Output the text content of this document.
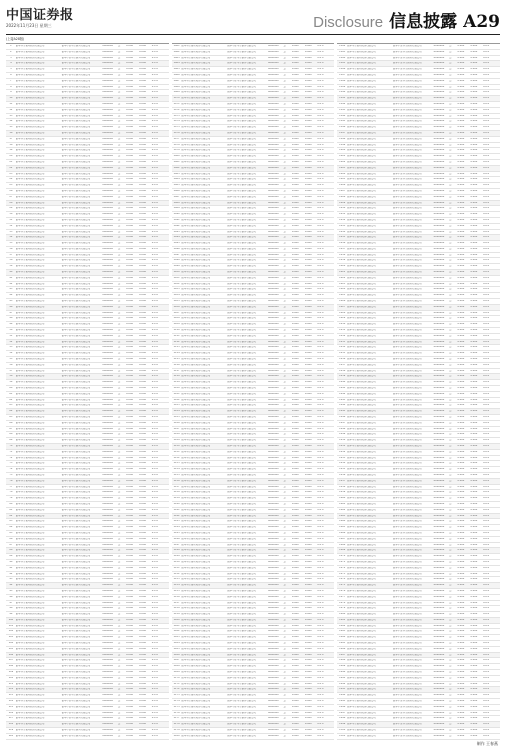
中国证券报
2022年11月23日 星期三	Disclosure 信息披露 A29
(上接A28版)
1	银华基金管理股份有限公司	银华中证基金销售有限公司	0000000	是	0.000	0.000	0.0%
2	银华基金管理股份有限公司	银华中证基金销售有限公司	0000000	是	0.000	0.000	0.0%
3	银华基金管理股份有限公司	银华中证基金销售有限公司	0000000	是	0.000	0.000	0.0%
4	银华基金管理股份有限公司	银华中证基金销售有限公司	0000000	是	0.000	0.000	0.0%
5	银华基金管理股份有限公司	银华中证基金销售有限公司	0000000	是	0.000	0.000	0.0%
6	银华基金管理股份有限公司	银华中证基金销售有限公司	0000000	是	0.000	0.000	0.0%
7	银华基金管理股份有限公司	银华中证基金销售有限公司	0000000	是	0.000	0.000	0.0%
8	银华基金管理股份有限公司	银华中证基金销售有限公司	0000000	是	0.000	0.000	0.0%
9	银华基金管理股份有限公司	银华中证基金销售有限公司	0000000	是	0.000	0.000	0.0%
10	银华基金管理股份有限公司	银华中证基金销售有限公司	0000000	是	0.000	0.000	0.0%
11	银华基金管理股份有限公司	银华中证基金销售有限公司	0000000	是	0.000	0.000	0.0%
12	银华基金管理股份有限公司	银华中证基金销售有限公司	0000000	是	0.000	0.000	0.0%
13	银华基金管理股份有限公司	银华中证基金销售有限公司	0000000	是	0.000	0.000	0.0%
14	银华基金管理股份有限公司	银华中证基金销售有限公司	0000000	是	0.000	0.000	0.0%
15	银华基金管理股份有限公司	银华中证基金销售有限公司	0000000	是	0.000	0.000	0.0%
16	银华基金管理股份有限公司	银华中证基金销售有限公司	0000000	是	0.000	0.000	0.0%
17	银华基金管理股份有限公司	银华中证基金销售有限公司	0000000	是	0.000	0.000	0.0%
18	银华基金管理股份有限公司	银华中证基金销售有限公司	0000000	是	0.000	0.000	0.0%
19	银华基金管理股份有限公司	银华中证基金销售有限公司	0000000	是	0.000	0.000	0.0%
20	银华基金管理股份有限公司	银华中证基金销售有限公司	0000000	是	0.000	0.000	0.0%
21	银华基金管理股份有限公司	银华中证基金销售有限公司	0000000	是	0.000	0.000	0.0%
22	银华基金管理股份有限公司	银华中证基金销售有限公司	0000000	是	0.000	0.000	0.0%
23	银华基金管理股份有限公司	银华中证基金销售有限公司	0000000	是	0.000	0.000	0.0%
24	银华基金管理股份有限公司	银华中证基金销售有限公司	0000000	是	0.000	0.000	0.0%
25	银华基金管理股份有限公司	银华中证基金销售有限公司	0000000	是	0.000	0.000	0.0%
26	银华基金管理股份有限公司	银华中证基金销售有限公司	0000000	是	0.000	0.000	0.0%
27	银华基金管理股份有限公司	银华中证基金销售有限公司	0000000	是	0.000	0.000	0.0%
28	银华基金管理股份有限公司	银华中证基金销售有限公司	0000000	是	0.000	0.000	0.0%
29	银华基金管理股份有限公司	银华中证基金销售有限公司	0000000	是	0.000	0.000	0.0%
30	银华基金管理股份有限公司	银华中证基金销售有限公司	0000000	是	0.000	0.000	0.0%
31	银华基金管理股份有限公司	银华中证基金销售有限公司	0000000	是	0.000	0.000	0.0%
32	银华基金管理股份有限公司	银华中证基金销售有限公司	0000000	是	0.000	0.000	0.0%
33	银华基金管理股份有限公司	银华中证基金销售有限公司	0000000	是	0.000	0.000	0.0%
34	银华基金管理股份有限公司	银华中证基金销售有限公司	0000000	是	0.000	0.000	0.0%
35	银华基金管理股份有限公司	银华中证基金销售有限公司	0000000	是	0.000	0.000	0.0%
36	银华基金管理股份有限公司	银华中证基金销售有限公司	0000000	是	0.000	0.000	0.0%
37	银华基金管理股份有限公司	银华中证基金销售有限公司	0000000	是	0.000	0.000	0.0%
38	银华基金管理股份有限公司	银华中证基金销售有限公司	0000000	是	0.000	0.000	0.0%
39	银华基金管理股份有限公司	银华中证基金销售有限公司	0000000	是	0.000	0.000	0.0%
40	银华基金管理股份有限公司	银华中证基金销售有限公司	0000000	是	0.000	0.000	0.0%
41	银华基金管理股份有限公司	银华中证基金销售有限公司	0000000	是	0.000	0.000	0.0%
42	银华基金管理股份有限公司	银华中证基金销售有限公司	0000000	是	0.000	0.000	0.0%
43	银华基金管理股份有限公司	银华中证基金销售有限公司	0000000	是	0.000	0.000	0.0%
44	银华基金管理股份有限公司	银华中证基金销售有限公司	0000000	是	0.000	0.000	0.0%
45	银华基金管理股份有限公司	银华中证基金销售有限公司	0000000	是	0.000	0.000	0.0%
46	银华基金管理股份有限公司	银华中证基金销售有限公司	0000000	是	0.000	0.000	0.0%
47	银华基金管理股份有限公司	银华中证基金销售有限公司	0000000	是	0.000	0.000	0.0%
48	银华基金管理股份有限公司	银华中证基金销售有限公司	0000000	是	0.000	0.000	0.0%
49	银华基金管理股份有限公司	银华中证基金销售有限公司	0000000	是	0.000	0.000	0.0%
50	银华基金管理股份有限公司	银华中证基金销售有限公司	0000000	是	0.000	0.000	0.0%
51	银华基金管理股份有限公司	银华中证基金销售有限公司	0000000	是	0.000	0.000	0.0%
52	银华基金管理股份有限公司	银华中证基金销售有限公司	0000000	是	0.000	0.000	0.0%
53	银华基金管理股份有限公司	银华中证基金销售有限公司	0000000	是	0.000	0.000	0.0%
54	银华基金管理股份有限公司	银华中证基金销售有限公司	0000000	是	0.000	0.000	0.0%
55	银华基金管理股份有限公司	银华中证基金销售有限公司	0000000	是	0.000	0.000	0.0%
56	银华基金管理股份有限公司	银华中证基金销售有限公司	0000000	是	0.000	0.000	0.0%
57	银华基金管理股份有限公司	银华中证基金销售有限公司	0000000	是	0.000	0.000	0.0%
58	银华基金管理股份有限公司	银华中证基金销售有限公司	0000000	是	0.000	0.000	0.0%
59	银华基金管理股份有限公司	银华中证基金销售有限公司	0000000	是	0.000	0.000	0.0%
60	银华基金管理股份有限公司	银华中证基金销售有限公司	0000000	是	0.000	0.000	0.0%
61	银华基金管理股份有限公司	银华中证基金销售有限公司	0000000	是	0.000	0.000	0.0%
62	银华基金管理股份有限公司	银华中证基金销售有限公司	0000000	是	0.000	0.000	0.0%
63	银华基金管理股份有限公司	银华中证基金销售有限公司	0000000	是	0.000	0.000	0.0%
64	银华基金管理股份有限公司	银华中证基金销售有限公司	0000000	是	0.000	0.000	0.0%
65	银华基金管理股份有限公司	银华中证基金销售有限公司	0000000	是	0.000	0.000	0.0%
66	银华基金管理股份有限公司	银华中证基金销售有限公司	0000000	是	0.000	0.000	0.0%
67	银华基金管理股份有限公司	银华中证基金销售有限公司	0000000	是	0.000	0.000	0.0%
68	银华基金管理股份有限公司	银华中证基金销售有限公司	0000000	是	0.000	0.000	0.0%
69	银华基金管理股份有限公司	银华中证基金销售有限公司	0000000	是	0.000	0.000	0.0%
70	银华基金管理股份有限公司	银华中证基金销售有限公司	0000000	是	0.000	0.000	0.0%
71	银华基金管理股份有限公司	银华中证基金销售有限公司	0000000	是	0.000	0.000	0.0%
72	银华基金管理股份有限公司	银华中证基金销售有限公司	0000000	是	0.000	0.000	0.0%
73	银华基金管理股份有限公司	银华中证基金销售有限公司	0000000	是	0.000	0.000	0.0%
74	银华基金管理股份有限公司	银华中证基金销售有限公司	0000000	是	0.000	0.000	0.0%
75	银华基金管理股份有限公司	银华中证基金销售有限公司	0000000	是	0.000	0.000	0.0%
76	银华基金管理股份有限公司	银华中证基金销售有限公司	0000000	是	0.000	0.000	0.0%
77	银华基金管理股份有限公司	银华中证基金销售有限公司	0000000	是	0.000	0.000	0.0%
78	银华基金管理股份有限公司	银华中证基金销售有限公司	0000000	是	0.000	0.000	0.0%
79	银华基金管理股份有限公司	银华中证基金销售有限公司	0000000	是	0.000	0.000	0.0%
80	银华基金管理股份有限公司	银华中证基金销售有限公司	0000000	是	0.000	0.000	0.0%
81	银华基金管理股份有限公司	银华中证基金销售有限公司	0000000	是	0.000	0.000	0.0%
82	银华基金管理股份有限公司	银华中证基金销售有限公司	0000000	是	0.000	0.000	0.0%
83	银华基金管理股份有限公司	银华中证基金销售有限公司	0000000	是	0.000	0.000	0.0%
84	银华基金管理股份有限公司	银华中证基金销售有限公司	0000000	是	0.000	0.000	0.0%
85	银华基金管理股份有限公司	银华中证基金销售有限公司	0000000	是	0.000	0.000	0.0%
86	银华基金管理股份有限公司	银华中证基金销售有限公司	0000000	是	0.000	0.000	0.0%
87	银华基金管理股份有限公司	银华中证基金销售有限公司	0000000	是	0.000	0.000	0.0%
88	银华基金管理股份有限公司	银华中证基金销售有限公司	0000000	是	0.000	0.000	0.0%
89	银华基金管理股份有限公司	银华中证基金销售有限公司	0000000	是	0.000	0.000	0.0%
90	银华基金管理股份有限公司	银华中证基金销售有限公司	0000000	是	0.000	0.000	0.0%
91	银华基金管理股份有限公司	银华中证基金销售有限公司	0000000	是	0.000	0.000	0.0%
92	银华基金管理股份有限公司	银华中证基金销售有限公司	0000000	是	0.000	0.000	0.0%
93	银华基金管理股份有限公司	银华中证基金销售有限公司	0000000	是	0.000	0.000	0.0%
94	银华基金管理股份有限公司	银华中证基金销售有限公司	0000000	是	0.000	0.000	0.0%
95	银华基金管理股份有限公司	银华中证基金销售有限公司	0000000	是	0.000	0.000	0.0%
96	银华基金管理股份有限公司	银华中证基金销售有限公司	0000000	是	0.000	0.000	0.0%
97	银华基金管理股份有限公司	银华中证基金销售有限公司	0000000	是	0.000	0.000	0.0%
98	银华基金管理股份有限公司	银华中证基金销售有限公司	0000000	是	0.000	0.000	0.0%
99	银华基金管理股份有限公司	银华中证基金销售有限公司	0000000	是	0.000	0.000	0.0%
100	银华基金管理股份有限公司	银华中证基金销售有限公司	0000000	是	0.000	0.000	0.0%
101	银华基金管理股份有限公司	银华中证基金销售有限公司	0000000	是	0.000	0.000	0.0%
102	银华基金管理股份有限公司	银华中证基金销售有限公司	0000000	是	0.000	0.000	0.0%
103	银华基金管理股份有限公司	银华中证基金销售有限公司	0000000	是	0.000	0.000	0.0%
104	银华基金管理股份有限公司	银华中证基金销售有限公司	0000000	是	0.000	0.000	0.0%
105	银华基金管理股份有限公司	银华中证基金销售有限公司	0000000	是	0.000	0.000	0.0%
106	银华基金管理股份有限公司	银华中证基金销售有限公司	0000000	是	0.000	0.000	0.0%
107	银华基金管理股份有限公司	银华中证基金销售有限公司	0000000	是	0.000	0.000	0.0%
108	银华基金管理股份有限公司	银华中证基金销售有限公司	0000000	是	0.000	0.000	0.0%
109	银华基金管理股份有限公司	银华中证基金销售有限公司	0000000	是	0.000	0.000	0.0%
110	银华基金管理股份有限公司	银华中证基金销售有限公司	0000000	是	0.000	0.000	0.0%
111	银华基金管理股份有限公司	银华中证基金销售有限公司	0000000	是	0.000	0.000	0.0%
112	银华基金管理股份有限公司	银华中证基金销售有限公司	0000000	是	0.000	0.000	0.0%
113	银华基金管理股份有限公司	银华中证基金销售有限公司	0000000	是	0.000	0.000	0.0%
114	银华基金管理股份有限公司	银华中证基金销售有限公司	0000000	是	0.000	0.000	0.0%
115	银华基金管理股份有限公司	银华中证基金销售有限公司	0000000	是	0.000	0.000	0.0%
116	银华基金管理股份有限公司	银华中证基金销售有限公司	0000000	是	0.000	0.000	0.0%
117	银华基金管理股份有限公司	银华中证基金销售有限公司	0000000	是	0.000	0.000	0.0%
118	银华基金管理股份有限公司	银华中证基金销售有限公司	0000000	是	0.000	0.000	0.0%
119	银华基金管理股份有限公司	银华中证基金销售有限公司	0000000	是	0.000	0.000	0.0%
120	银华基金管理股份有限公司	银华中证基金销售有限公司	0000000	是	0.000	0.000	0.0%
1061 银华基金管理股份有限公司	银华中证基金销售有限公司	0000000	是	0.000	0.000	0.0%
1062 银华基金管理股份有限公司	银华中证基金销售有限公司	0000000	是	0.000	0.000	0.0%
1063 银华基金管理股份有限公司	银华中证基金销售有限公司	0000000	是	0.000	0.000	0.0%
1064 银华基金管理股份有限公司	银华中证基金销售有限公司	0000000	是	0.000	0.000	0.0%
1065 银华基金管理股份有限公司	银华中证基金销售有限公司	0000000	是	0.000	0.000	0.0%
1066 银华基金管理股份有限公司	银华中证基金销售有限公司	0000000	是	0.000	0.000	0.0%
1067 银华基金管理股份有限公司	银华中证基金销售有限公司	0000000	是	0.000	0.000	0.0%
1068 银华基金管理股份有限公司	银华中证基金销售有限公司	0000000	是	0.000	0.000	0.0%
1069 银华基金管理股份有限公司	银华中证基金销售有限公司	0000000	是	0.000	0.000	0.0%
1070 银华基金管理股份有限公司	银华中证基金销售有限公司	0000000	是	0.000	0.000	0.0%
1071 银华基金管理股份有限公司	银华中证基金销售有限公司	0000000	是	0.000	0.000	0.0%
1072 银华基金管理股份有限公司	银华中证基金销售有限公司	0000000	是	0.000	0.000	0.0%
1073 银华基金管理股份有限公司	银华中证基金销售有限公司	0000000	是	0.000	0.000	0.0%
1074 银华基金管理股份有限公司	银华中证基金销售有限公司	0000000	是	0.000	0.000	0.0%
1075 银华基金管理股份有限公司	银华中证基金销售有限公司	0000000	是	0.000	0.000	0.0%
1076 银华基金管理股份有限公司	银华中证基金销售有限公司	0000000	是	0.000	0.000	0.0%
1077 银华基金管理股份有限公司	银华中证基金销售有限公司	0000000	是	0.000	0.000	0.0%
1078 银华基金管理股份有限公司	银华中证基金销售有限公司	0000000	是	0.000	0.000	0.0%
1079 银华基金管理股份有限公司	银华中证基金销售有限公司	0000000	是	0.000	0.000	0.0%
1080 银华基金管理股份有限公司	银华中证基金销售有限公司	0000000	是	0.000	0.000	0.0%
1081 银华基金管理股份有限公司	银华中证基金销售有限公司	0000000	是	0.000	0.000	0.0%
1082 银华基金管理股份有限公司	银华中证基金销售有限公司	0000000	是	0.000	0.000	0.0%
1083 银华基金管理股份有限公司	银华中证基金销售有限公司	0000000	是	0.000	0.000	0.0%
1084 银华基金管理股份有限公司	银华中证基金销售有限公司	0000000	是	0.000	0.000	0.0%
1085 银华基金管理股份有限公司	银华中证基金销售有限公司	0000000	是	0.000	0.000	0.0%
1086 银华基金管理股份有限公司	银华中证基金销售有限公司	0000000	是	0.000	0.000	0.0%
1087 银华基金管理股份有限公司	银华中证基金销售有限公司	0000000	是	0.000	0.000	0.0%
1088 银华基金管理股份有限公司	银华中证基金销售有限公司	0000000	是	0.000	0.000	0.0%
1089 银华基金管理股份有限公司	银华中证基金销售有限公司	0000000	是	0.000	0.000	0.0%
1090 银华基金管理股份有限公司	银华中证基金销售有限公司	0000000	是	0.000	0.000	0.0%
1091 银华基金管理股份有限公司	银华中证基金销售有限公司	0000000	是	0.000	0.000	0.0%
1092 银华基金管理股份有限公司	银华中证基金销售有限公司	0000000	是	0.000	0.000	0.0%
1093 银华基金管理股份有限公司	银华中证基金销售有限公司	0000000	是	0.000	0.000	0.0%
1094 银华基金管理股份有限公司	银华中证基金销售有限公司	0000000	是	0.000	0.000	0.0%
1095 银华基金管理股份有限公司	银华中证基金销售有限公司	0000000	是	0.000	0.000	0.0%
1096 银华基金管理股份有限公司	银华中证基金销售有限公司	0000000	是	0.000	0.000	0.0%
1097 银华基金管理股份有限公司	银华中证基金销售有限公司	0000000	是	0.000	0.000	0.0%
1098 银华基金管理股份有限公司	银华中证基金销售有限公司	0000000	是	0.000	0.000	0.0%
1099 银华基金管理股份有限公司	银华中证基金销售有限公司	0000000	是	0.000	0.000	0.0%
1100 银华基金管理股份有限公司	银华中证基金销售有限公司	0000000	是	0.000	0.000	0.0%
1101 银华基金管理股份有限公司	银华中证基金销售有限公司	0000000	是	0.000	0.000	0.0%
1102 银华基金管理股份有限公司	银华中证基金销售有限公司	0000000	是	0.000	0.000	0.0%
1103 银华基金管理股份有限公司	银华中证基金销售有限公司	0000000	是	0.000	0.000	0.0%
1104 银华基金管理股份有限公司	银华中证基金销售有限公司	0000000	是	0.000	0.000	0.0%
1105 银华基金管理股份有限公司	银华中证基金销售有限公司	0000000	是	0.000	0.000	0.0%
1106 银华基金管理股份有限公司	银华中证基金销售有限公司	0000000	是	0.000	0.000	0.0%
1107 银华基金管理股份有限公司	银华中证基金销售有限公司	0000000	是	0.000	0.000	0.0%
1108 银华基金管理股份有限公司	银华中证基金销售有限公司	0000000	是	0.000	0.000	0.0%
1109 银华基金管理股份有限公司	银华中证基金销售有限公司	0000000	是	0.000	0.000	0.0%
1110 银华基金管理股份有限公司	银华中证基金销售有限公司	0000000	是	0.000	0.000	0.0%
1111 银华基金管理股份有限公司	银华中证基金销售有限公司	0000000	是	0.000	0.000	0.0%
1112 银华基金管理股份有限公司	银华中证基金销售有限公司	0000000	是	0.000	0.000	0.0%
1113 银华基金管理股份有限公司	银华中证基金销售有限公司	0000000	是	0.000	0.000	0.0%
1114 银华基金管理股份有限公司	银华中证基金销售有限公司	0000000	是	0.000	0.000	0.0%
1115 银华基金管理股份有限公司	银华中证基金销售有限公司	0000000	是	0.000	0.000	0.0%
1116 银华基金管理股份有限公司	银华中证基金销售有限公司	0000000	是	0.000	0.000	0.0%
1117 银华基金管理股份有限公司	银华中证基金销售有限公司	0000000	是	0.000	0.000	0.0%
1118 银华基金管理股份有限公司	银华中证基金销售有限公司	0000000	是	0.000	0.000	0.0%
1119 银华基金管理股份有限公司	银华中证基金销售有限公司	0000000	是	0.000	0.000	0.0%
1120 银华基金管理股份有限公司	银华中证基金销售有限公司	0000000	是	0.000	0.000	0.0%
1121 银华基金管理股份有限公司	银华中证基金销售有限公司	0000000	是	0.000	0.000	0.0%
1122 银华基金管理股份有限公司	银华中证基金销售有限公司	0000000	是	0.000	0.000	0.0%
1123 银华基金管理股份有限公司	银华中证基金销售有限公司	0000000	是	0.000	0.000	0.0%
1124 银华基金管理股份有限公司	银华中证基金销售有限公司	0000000	是	0.000	0.000	0.0%
1125 银华基金管理股份有限公司	银华中证基金销售有限公司	0000000	是	0.000	0.000	0.0%
1126 银华基金管理股份有限公司	银华中证基金销售有限公司	0000000	是	0.000	0.000	0.0%
1127 银华基金管理股份有限公司	银华中证基金销售有限公司	0000000	是	0.000	0.000	0.0%
1128 银华基金管理股份有限公司	银华中证基金销售有限公司	0000000	是	0.000	0.000	0.0%
1129 银华基金管理股份有限公司	银华中证基金销售有限公司	0000000	是	0.000	0.000	0.0%
1130 银华基金管理股份有限公司	银华中证基金销售有限公司	0000000	是	0.000	0.000	0.0%
1131 银华基金管理股份有限公司	银华中证基金销售有限公司	0000000	是	0.000	0.000	0.0%
1132 银华基金管理股份有限公司	银华中证基金销售有限公司	0000000	是	0.000	0.000	0.0%
1133 银华基金管理股份有限公司	银华中证基金销售有限公司	0000000	是	0.000	0.000	0.0%
1134 银华基金管理股份有限公司	银华中证基金销售有限公司	0000000	是	0.000	0.000	0.0%
1135 银华基金管理股份有限公司	银华中证基金销售有限公司	0000000	是	0.000	0.000	0.0%
1136 银华基金管理股份有限公司	银华中证基金销售有限公司	0000000	是	0.000	0.000	0.0%
1137 银华基金管理股份有限公司	银华中证基金销售有限公司	0000000	是	0.000	0.000	0.0%
1138 银华基金管理股份有限公司	银华中证基金销售有限公司	0000000	是	0.000	0.000	0.0%
1139 银华基金管理股份有限公司	银华中证基金销售有限公司	0000000	是	0.000	0.000	0.0%
1140 银华基金管理股份有限公司	银华中证基金销售有限公司	0000000	是	0.000	0.000	0.0%
1141 银华基金管理股份有限公司	银华中证基金销售有限公司	0000000	是	0.000	0.000	0.0%
1142 银华基金管理股份有限公司	银华中证基金销售有限公司	0000000	是	0.000	0.000	0.0%
1143 银华基金管理股份有限公司	银华中证基金销售有限公司	0000000	是	0.000	0.000	0.0%
1144 银华基金管理股份有限公司	银华中证基金销售有限公司	0000000	是	0.000	0.000	0.0%
1145 银华基金管理股份有限公司	银华中证基金销售有限公司	0000000	是	0.000	0.000	0.0%
1146 银华基金管理股份有限公司	银华中证基金销售有限公司	0000000	是	0.000	0.000	0.0%
1147 银华基金管理股份有限公司	银华中证基金销售有限公司	0000000	是	0.000	0.000	0.0%
1148 银华基金管理股份有限公司	银华中证基金销售有限公司	0000000	是	0.000	0.000	0.0%
1149 银华基金管理股份有限公司	银华中证基金销售有限公司	0000000	是	0.000	0.000	0.0%
1150 银华基金管理股份有限公司	银华中证基金销售有限公司	0000000	是	0.000	0.000	0.0%
1151 银华基金管理股份有限公司	银华中证基金销售有限公司	0000000	是	0.000	0.000	0.0%
1152 银华基金管理股份有限公司	银华中证基金销售有限公司	0000000	是	0.000	0.000	0.0%
1153 银华基金管理股份有限公司	银华中证基金销售有限公司	0000000	是	0.000	0.000	0.0%
1154 银华基金管理股份有限公司	银华中证基金销售有限公司	0000000	是	0.000	0.000	0.0%
1155 银华基金管理股份有限公司	银华中证基金销售有限公司	0000000	是	0.000	0.000	0.0%
1156 银华基金管理股份有限公司	银华中证基金销售有限公司	0000000	是	0.000	0.000	0.0%
1157 银华基金管理股份有限公司	银华中证基金销售有限公司	0000000	是	0.000	0.000	0.0%
1158 银华基金管理股份有限公司	银华中证基金销售有限公司	0000000	是	0.000	0.000	0.0%
1159 银华基金管理股份有限公司	银华中证基金销售有限公司	0000000	是	0.000	0.000	0.0%
1160 银华基金管理股份有限公司	银华中证基金销售有限公司	0000000	是	0.000	0.000	0.0%
1161 银华基金管理股份有限公司	银华中证基金销售有限公司	0000000	是	0.000	0.000	0.0%
1162 银华基金管理股份有限公司	银华中证基金销售有限公司	0000000	是	0.000	0.000	0.0%
1163 银华基金管理股份有限公司	银华中证基金销售有限公司	0000000	是	0.000	0.000	0.0%
1164 银华基金管理股份有限公司	银华中证基金销售有限公司	0000000	是	0.000	0.000	0.0%
1165 银华基金管理股份有限公司	银华中证基金销售有限公司	0000000	是	0.000	0.000	0.0%
1166 银华基金管理股份有限公司	银华中证基金销售有限公司	0000000	是	0.000	0.000	0.0%
1167 银华基金管理股份有限公司	银华中证基金销售有限公司	0000000	是	0.000	0.000	0.0%
1168 银华基金管理股份有限公司	银华中证基金销售有限公司	0000000	是	0.000	0.000	0.0%
1169 银华基金管理股份有限公司	银华中证基金销售有限公司	0000000	是	0.000	0.000	0.0%
1170 银华基金管理股份有限公司	银华中证基金销售有限公司	0000000	是	0.000	0.000	0.0%
1171 银华基金管理股份有限公司	银华中证基金销售有限公司	0000000	是	0.000	0.000	0.0%
1172 银华基金管理股份有限公司	银华中证基金销售有限公司	0000000	是	0.000	0.000	0.0%
1173 银华基金管理股份有限公司	银华中证基金销售有限公司	0000000	是	0.000	0.000	0.0%
1174 银华基金管理股份有限公司	银华中证基金销售有限公司	0000000	是	0.000	0.000	0.0%
1175 银华基金管理股份有限公司	银华中证基金销售有限公司	0000000	是	0.000	0.000	0.0%
1176 银华基金管理股份有限公司	银华中证基金销售有限公司	0000000	是	0.000	0.000	0.0%
1177 银华基金管理股份有限公司	银华中证基金销售有限公司	0000000	是	0.000	0.000	0.0%
1178 银华基金管理股份有限公司	银华中证基金销售有限公司	0000000	是	0.000	0.000	0.0%
1179 银华基金管理股份有限公司	银华中证基金销售有限公司	0000000	是	0.000	0.000	0.0%
1180 银华基金管理股份有限公司	银华中证基金销售有限公司	0000000	是	0.000	0.000	0.0%
1182 银华基金管理股份有限公司	银华中证基金销售有限公司	0000000	是	0.000	0.000	0.0%
1183 银华基金管理股份有限公司	银华中证基金销售有限公司	0000000	是	0.000	0.000	0.0%
1184 银华基金管理股份有限公司	银华中证基金销售有限公司	0000000	是	0.000	0.000	0.0%
1185 银华基金管理股份有限公司	银华中证基金销售有限公司	0000000	是	0.000	0.000	0.0%
1186 银华基金管理股份有限公司	银华中证基金销售有限公司	0000000	是	0.000	0.000	0.0%
1187 银华基金管理股份有限公司	银华中证基金销售有限公司	0000000	是	0.000	0.000	0.0%
1188 银华基金管理股份有限公司	银华中证基金销售有限公司	0000000	是	0.000	0.000	0.0%
1189 银华基金管理股份有限公司	银华中证基金销售有限公司	0000000	是	0.000	0.000	0.0%
1190 银华基金管理股份有限公司	银华中证基金销售有限公司	0000000	是	0.000	0.000	0.0%
1191 银华基金管理股份有限公司	银华中证基金销售有限公司	0000000	是	0.000	0.000	0.0%
1192 银华基金管理股份有限公司	银华中证基金销售有限公司	0000000	是	0.000	0.000	0.0%
1193 银华基金管理股份有限公司	银华中证基金销售有限公司	0000000	是	0.000	0.000	0.0%
1194 银华基金管理股份有限公司	银华中证基金销售有限公司	0000000	是	0.000	0.000	0.0%
1195 银华基金管理股份有限公司	银华中证基金销售有限公司	0000000	是	0.000	0.000	0.0%
1196 银华基金管理股份有限公司	银华中证基金销售有限公司	0000000	是	0.000	0.000	0.0%
1197 银华基金管理股份有限公司	银华中证基金销售有限公司	0000000	是	0.000	0.000	0.0%
1198 银华基金管理股份有限公司	银华中证基金销售有限公司	0000000	是	0.000	0.000	0.0%
1199 银华基金管理股份有限公司	银华中证基金销售有限公司	0000000	是	0.000	0.000	0.0%
1200 银华基金管理股份有限公司	银华中证基金销售有限公司	0000000	是	0.000	0.000	0.0%
1201 银华基金管理股份有限公司	银华中证基金销售有限公司	0000000	是	0.000	0.000	0.0%
1202 银华基金管理股份有限公司	银华中证基金销售有限公司	0000000	是	0.000	0.000	0.0%
1203 银华基金管理股份有限公司	银华中证基金销售有限公司	0000000	是	0.000	0.000	0.0%
1204 银华基金管理股份有限公司	银华中证基金销售有限公司	0000000	是	0.000	0.000	0.0%
1205 银华基金管理股份有限公司	银华中证基金销售有限公司	0000000	是	0.000	0.000	0.0%
1206 银华基金管理股份有限公司	银华中证基金销售有限公司	0000000	是	0.000	0.000	0.0%
1207 银华基金管理股份有限公司	银华中证基金销售有限公司	0000000	是	0.000	0.000	0.0%
1208 银华基金管理股份有限公司	银华中证基金销售有限公司	0000000	是	0.000	0.000	0.0%
1209 银华基金管理股份有限公司	银华中证基金销售有限公司	0000000	是	0.000	0.000	0.0%
1210 银华基金管理股份有限公司	银华中证基金销售有限公司	0000000	是	0.000	0.000	0.0%
1211 银华基金管理股份有限公司	银华中证基金销售有限公司	0000000	是	0.000	0.000	0.0%
1212 银华基金管理股份有限公司	银华中证基金销售有限公司	0000000	是	0.000	0.000	0.0%
1213 银华基金管理股份有限公司	银华中证基金销售有限公司	0000000	是	0.000	0.000	0.0%
1214 银华基金管理股份有限公司	银华中证基金销售有限公司	0000000	是	0.000	0.000	0.0%
1215 银华基金管理股份有限公司	银华中证基金销售有限公司	0000000	是	0.000	0.000	0.0%
1216 银华基金管理股份有限公司	银华中证基金销售有限公司	0000000	是	0.000	0.000	0.0%
1217 银华基金管理股份有限公司	银华中证基金销售有限公司	0000000	是	0.000	0.000	0.0%
1218 银华基金管理股份有限公司	银华中证基金销售有限公司	0000000	是	0.000	0.000	0.0%
1219 银华基金管理股份有限公司	银华中证基金销售有限公司	0000000	是	0.000	0.000	0.0%
1220 银华基金管理股份有限公司	银华中证基金销售有限公司	0000000	是	0.000	0.000	0.0%
1221 银华基金管理股份有限公司	银华中证基金销售有限公司	0000000	是	0.000	0.000	0.0%
1222 银华基金管理股份有限公司	银华中证基金销售有限公司	0000000	是	0.000	0.000	0.0%
1223 银华基金管理股份有限公司	银华中证基金销售有限公司	0000000	是	0.000	0.000	0.0%
1224 银华基金管理股份有限公司	银华中证基金销售有限公司	0000000	是	0.000	0.000	0.0%
1225 银华基金管理股份有限公司	银华中证基金销售有限公司	0000000	是	0.000	0.000	0.0%
1226 银华基金管理股份有限公司	银华中证基金销售有限公司	0000000	是	0.000	0.000	0.0%
1227 银华基金管理股份有限公司	银华中证基金销售有限公司	0000000	是	0.000	0.000	0.0%
1228 银华基金管理股份有限公司	银华中证基金销售有限公司	0000000	是	0.000	0.000	0.0%
1229 银华基金管理股份有限公司	银华中证基金销售有限公司	0000000	是	0.000	0.000	0.0%
1230 银华基金管理股份有限公司	银华中证基金销售有限公司	0000000	是	0.000	0.000	0.0%
1231 银华基金管理股份有限公司	银华中证基金销售有限公司	0000000	是	0.000	0.000	0.0%
1232 银华基金管理股份有限公司	银华中证基金销售有限公司	0000000	是	0.000	0.000	0.0%
1233 银华基金管理股份有限公司	银华中证基金销售有限公司	0000000	是	0.000	0.000	0.0%
1234 银华基金管理股份有限公司	银华中证基金销售有限公司	0000000	是	0.000	0.000	0.0%
1235 银华基金管理股份有限公司	银华中证基金销售有限公司	0000000	是	0.000	0.000	0.0%
1236 银华基金管理股份有限公司	银华中证基金销售有限公司	0000000	是	0.000	0.000	0.0%
1237 银华基金管理股份有限公司	银华中证基金销售有限公司	0000000	是	0.000	0.000	0.0%
1238 银华基金管理股份有限公司	银华中证基金销售有限公司	0000000	是	0.000	0.000	0.0%
1239 银华基金管理股份有限公司	银华中证基金销售有限公司	0000000	是	0.000	0.000	0.0%
1240 银华基金管理股份有限公司	银华中证基金销售有限公司	0000000	是	0.000	0.000	0.0%
1241 银华基金管理股份有限公司	银华中证基金销售有限公司	0000000	是	0.000	0.000	0.0%
1242 银华基金管理股份有限公司	银华中证基金销售有限公司	0000000	是	0.000	0.000	0.0%
1243 银华基金管理股份有限公司	银华中证基金销售有限公司	0000000	是	0.000	0.000	0.0%
1244 银华基金管理股份有限公司	银华中证基金销售有限公司	0000000	是	0.000	0.000	0.0%
1245 银华基金管理股份有限公司	银华中证基金销售有限公司	0000000	是	0.000	0.000	0.0%
1246 银华基金管理股份有限公司	银华中证基金销售有限公司	0000000	是	0.000	0.000	0.0%
1247 银华基金管理股份有限公司	银华中证基金销售有限公司	0000000	是	0.000	0.000	0.0%
1248 银华基金管理股份有限公司	银华中证基金销售有限公司	0000000	是	0.000	0.000	0.0%
1249 银华基金管理股份有限公司	银华中证基金销售有限公司	0000000	是	0.000	0.000	0.0%
1250 银华基金管理股份有限公司	银华中证基金销售有限公司	0000000	是	0.000	0.000	0.0%
1251 银华基金管理股份有限公司	银华中证基金销售有限公司	0000000	是	0.000	0.000	0.0%
1252 银华基金管理股份有限公司	银华中证基金销售有限公司	0000000	是	0.000	0.000	0.0%
1253 银华基金管理股份有限公司	银华中证基金销售有限公司	0000000	是	0.000	0.000	0.0%
1254 银华基金管理股份有限公司	银华中证基金销售有限公司	0000000	是	0.000	0.000	0.0%
1255 银华基金管理股份有限公司	银华中证基金销售有限公司	0000000	是	0.000	0.000	0.0%
1256 银华基金管理股份有限公司	银华中证基金销售有限公司	0000000	是	0.000	0.000	0.0%
1257 银华基金管理股份有限公司	银华中证基金销售有限公司	0000000	是	0.000	0.000	0.0%
1258 银华基金管理股份有限公司	银华中证基金销售有限公司	0000000	是	0.000	0.000	0.0%
1259 银华基金管理股份有限公司	银华中证基金销售有限公司	0000000	是	0.000	0.000	0.0%
1260 银华基金管理股份有限公司	银华中证基金销售有限公司	0000000	是	0.000	0.000	0.0%
1261 银华基金管理股份有限公司	银华中证基金销售有限公司	0000000	是	0.000	0.000	0.0%
1262 银华基金管理股份有限公司	银华中证基金销售有限公司	0000000	是	0.000	0.000	0.0%
1263 银华基金管理股份有限公司	银华中证基金销售有限公司	0000000	是	0.000	0.000	0.0%
1264 银华基金管理股份有限公司	银华中证基金销售有限公司	0000000	是	0.000	0.000	0.0%
1265 银华基金管理股份有限公司	银华中证基金销售有限公司	0000000	是	0.000	0.000	0.0%
1266 银华基金管理股份有限公司	银华中证基金销售有限公司	0000000	是	0.000	0.000	0.0%
1267 银华基金管理股份有限公司	银华中证基金销售有限公司	0000000	是	0.000	0.000	0.0%
1268 银华基金管理股份有限公司	银华中证基金销售有限公司	0000000	是	0.000	0.000	0.0%
1269 银华基金管理股份有限公司	银华中证基金销售有限公司	0000000	是	0.000	0.000	0.0%
1270 银华基金管理股份有限公司	银华中证基金销售有限公司	0000000	是	0.000	0.000	0.0%
1271 银华基金管理股份有限公司	银华中证基金销售有限公司	0000000	是	0.000	0.000	0.0%
1272 银华基金管理股份有限公司	银华中证基金销售有限公司	0000000	是	0.000	0.000	0.0%
1273 银华基金管理股份有限公司	银华中证基金销售有限公司	0000000	是	0.000	0.000	0.0%
1274 银华基金管理股份有限公司	银华中证基金销售有限公司	0000000	是	0.000	0.000	0.0%
1275 银华基金管理股份有限公司	银华中证基金销售有限公司	0000000	是	0.000	0.000	0.0%
1276 银华基金管理股份有限公司	银华中证基金销售有限公司	0000000	是	0.000	0.000	0.0%
1277 银华基金管理股份有限公司	银华中证基金销售有限公司	0000000	是	0.000	0.000	0.0%
1278 银华基金管理股份有限公司	银华中证基金销售有限公司	0000000	是	0.000	0.000	0.0%
1279 银华基金管理股份有限公司	银华中证基金销售有限公司	0000000	是	0.000	0.000	0.0%
1280 银华基金管理股份有限公司	银华中证基金销售有限公司	0000000	是	0.000	0.000	0.0%
1281 银华基金管理股份有限公司	银华中证基金销售有限公司	0000000	是	0.000	0.000	0.0%
1282 银华基金管理股份有限公司	银华中证基金销售有限公司	0000000	是	0.000	0.000	0.0%
1283 银华基金管理股份有限公司	银华中证基金销售有限公司	0000000	是	0.000	0.000	0.0%
1284 银华基金管理股份有限公司	银华中证基金销售有限公司	0000000	是	0.000	0.000	0.0%
1285 银华基金管理股份有限公司	银华中证基金销售有限公司	0000000	是	0.000	0.000	0.0%
1286 银华基金管理股份有限公司	银华中证基金销售有限公司	0000000	是	0.000	0.000	0.0%
1287 银华基金管理股份有限公司	银华中证基金销售有限公司	0000000	是	0.000	0.000	0.0%
1288 银华基金管理股份有限公司	银华中证基金销售有限公司	0000000	是	0.000	0.000	0.0%
1289 银华基金管理股份有限公司	银华中证基金销售有限公司	0000000	是	0.000	0.000	0.0%
1290 银华基金管理股份有限公司	银华中证基金销售有限公司	0000000	是	0.000	0.000	0.0%
1291 银华基金管理股份有限公司	银华中证基金销售有限公司	0000000	是	0.000	0.000	0.0%
1292 银华基金管理股份有限公司	银华中证基金销售有限公司	0000000	是	0.000	0.000	0.0%
1293 银华基金管理股份有限公司	银华中证基金销售有限公司	0000000	是	0.000	0.000	0.0%
1294 银华基金管理股份有限公司	银华中证基金销售有限公司	0000000	是	0.000	0.000	0.0%
1295 银华基金管理股份有限公司	银华中证基金销售有限公司	0000000	是	0.000	0.000	0.0%
1296 银华基金管理股份有限公司	银华中证基金销售有限公司	0000000	是	0.000	0.000	0.0%
1297 银华基金管理股份有限公司	银华中证基金销售有限公司	0000000	是	0.000	0.000	0.0%
1298 银华基金管理股份有限公司	银华中证基金销售有限公司	0000000	是	0.000	0.000	0.0%
1299 银华基金管理股份有限公司	银华中证基金销售有限公司	0000000	是	0.000	0.000	0.0%
1300 银华基金管理股份有限公司	银华中证基金销售有限公司	0000000	是	0.000	0.000	0.0%
1301 银华基金管理股份有限公司	银华中证基金销售有限公司	0000000	是	0.000	0.000	0.0%
制作 王春燕
